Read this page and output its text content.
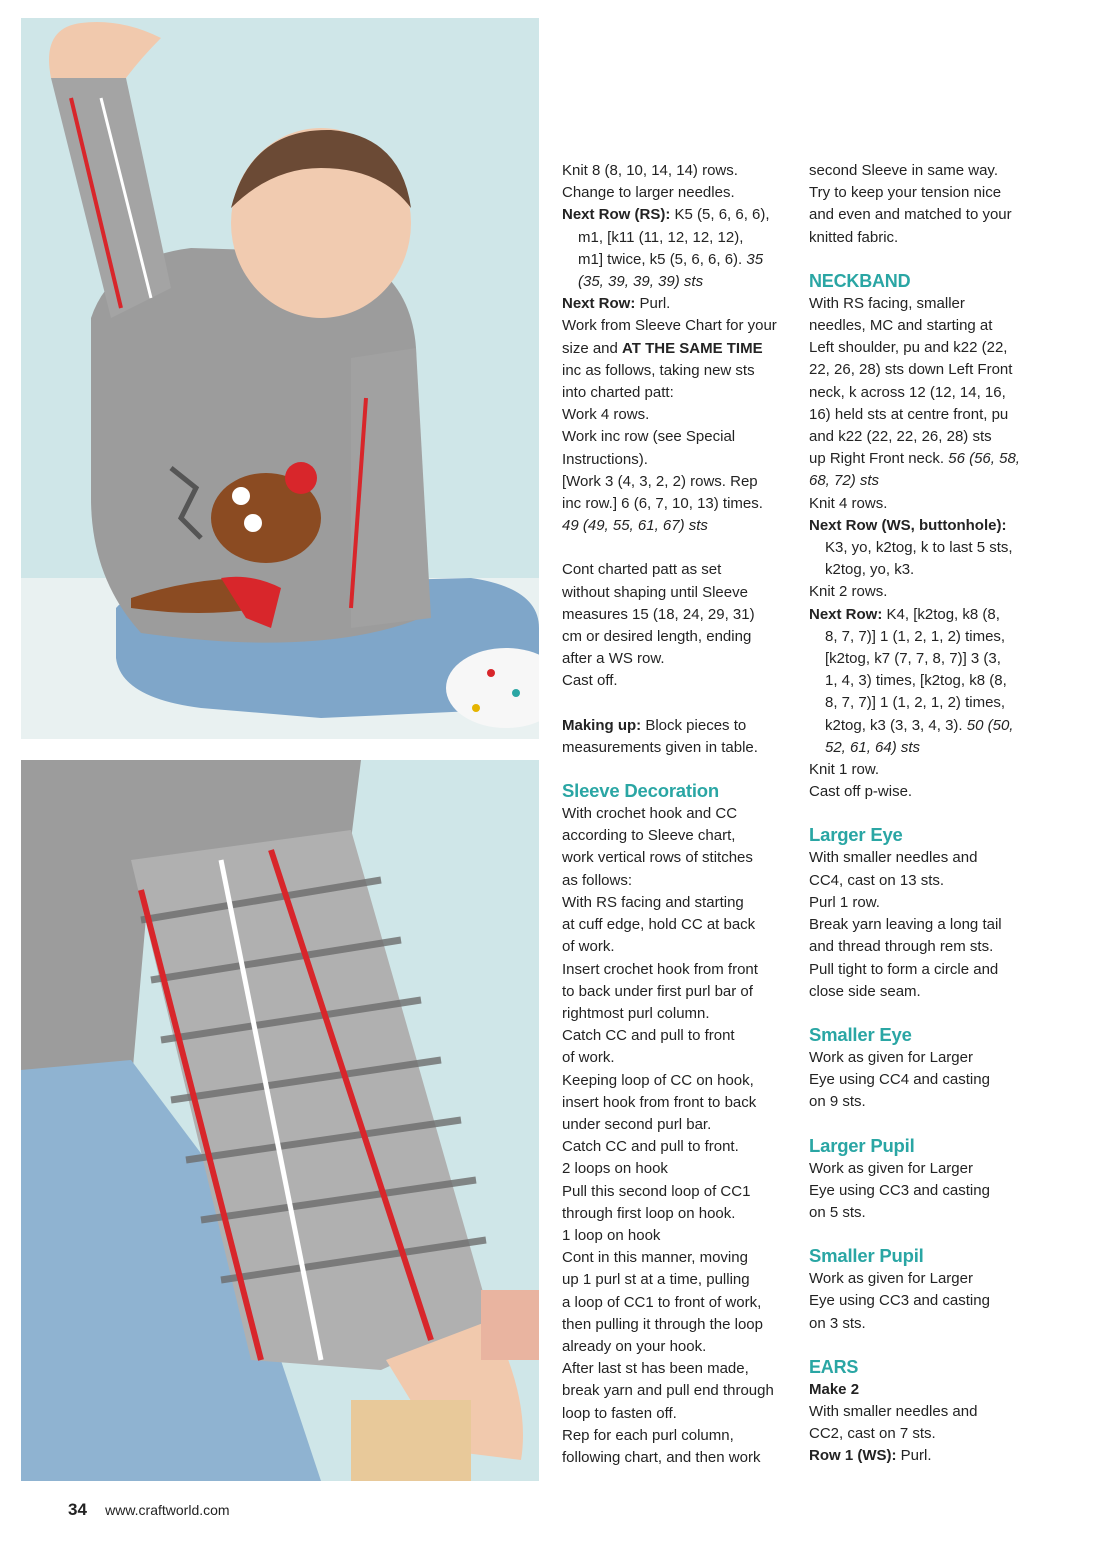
Knit 8 (8, 10, 14, 14) rows.

Change to larger needles.

Next Row (RS): K5 (5, 6, 6, 6),

m1, [k11 (11, 12, 12, 12),

m1] twice, k5 (5, 6, 6, 6). 35

(35, 39, 39, 39) sts

Next Row: Purl.

Work from Sleeve Chart for your

size and AT THE SAME TIME

inc as follows, taking new sts

into charted patt:

Work 4 rows.

Work inc row (see Special

Instructions).

[Work 3 (4, 3, 2, 2) rows. Rep

inc row.] 6 (6, 7, 10, 13) times.

49 (49, 55, 61, 67) sts

Cont charted patt as set

without shaping until Sleeve

measures 15 (18, 24, 29, 31)

cm or desired length, ending

after a WS row.

Cast off.

Making up: Block pieces to

measurements given in table.

Sleeve Decoration

With crochet hook and CC

according to Sleeve chart,

work vertical rows of stitches

as follows:

With RS facing and starting

at cuff edge, hold CC at back

of work.

Insert crochet hook from front

to back under first purl bar of

rightmost purl column.

Catch CC and pull to front

of work.

Keeping loop of CC on hook,

insert hook from front to back

under second purl bar.

Catch CC and pull to front.

2 loops on hook

Pull this second loop of CC1

through first loop on hook.

1 loop on hook

Cont in this manner, moving

up 1 purl st at a time, pulling

a loop of CC1 to front of work,

then pulling it through the loop

already on your hook.

After last st has been made,

break yarn and pull end through

loop to fasten off.

Rep for each purl column,

following chart, and then work

second Sleeve in same way.

Try to keep your tension nice

and even and matched to your

knitted fabric.

NECKBAND

With RS facing, smaller

needles, MC and starting at

Left shoulder, pu and k22 (22,

22, 26, 28) sts down Left Front

neck, k across 12 (12, 14, 16,

16) held sts at centre front, pu

and k22 (22, 22, 26, 28) sts

up Right Front neck. 56 (56, 58,

68, 72) sts

Knit 4 rows.

Next Row (WS, buttonhole):

K3, yo, k2tog, k to last 5 sts,

k2tog, yo, k3.

Knit 2 rows.

Next Row: K4, [k2tog, k8 (8,

8, 7, 7)] 1 (1, 2, 1, 2) times,

[k2tog, k7 (7, 7, 8, 7)] 3 (3,

1, 4, 3) times, [k2tog, k8 (8,

8, 7, 7)] 1 (1, 2, 1, 2) times,

k2tog, k3 (3, 3, 4, 3). 50 (50,

52, 61, 64) sts

Knit 1 row.

Cast off p-wise.

Larger Eye

With smaller needles and

CC4, cast on 13 sts.

Purl 1 row.

Break yarn leaving a long tail

and thread through rem sts.

Pull tight to form a circle and

close side seam.

Smaller Eye

Work as given for Larger

Eye using CC4 and casting

on 9 sts.

Larger Pupil

Work as given for Larger

Eye using CC3 and casting

on 5 sts.

Smaller Pupil

Work as given for Larger

Eye using CC3 and casting

on 3 sts.

EARS

Make 2

With smaller needles and

CC2, cast on 7 sts.

Row 1 (WS): Purl.

34 www.craftworld.com
